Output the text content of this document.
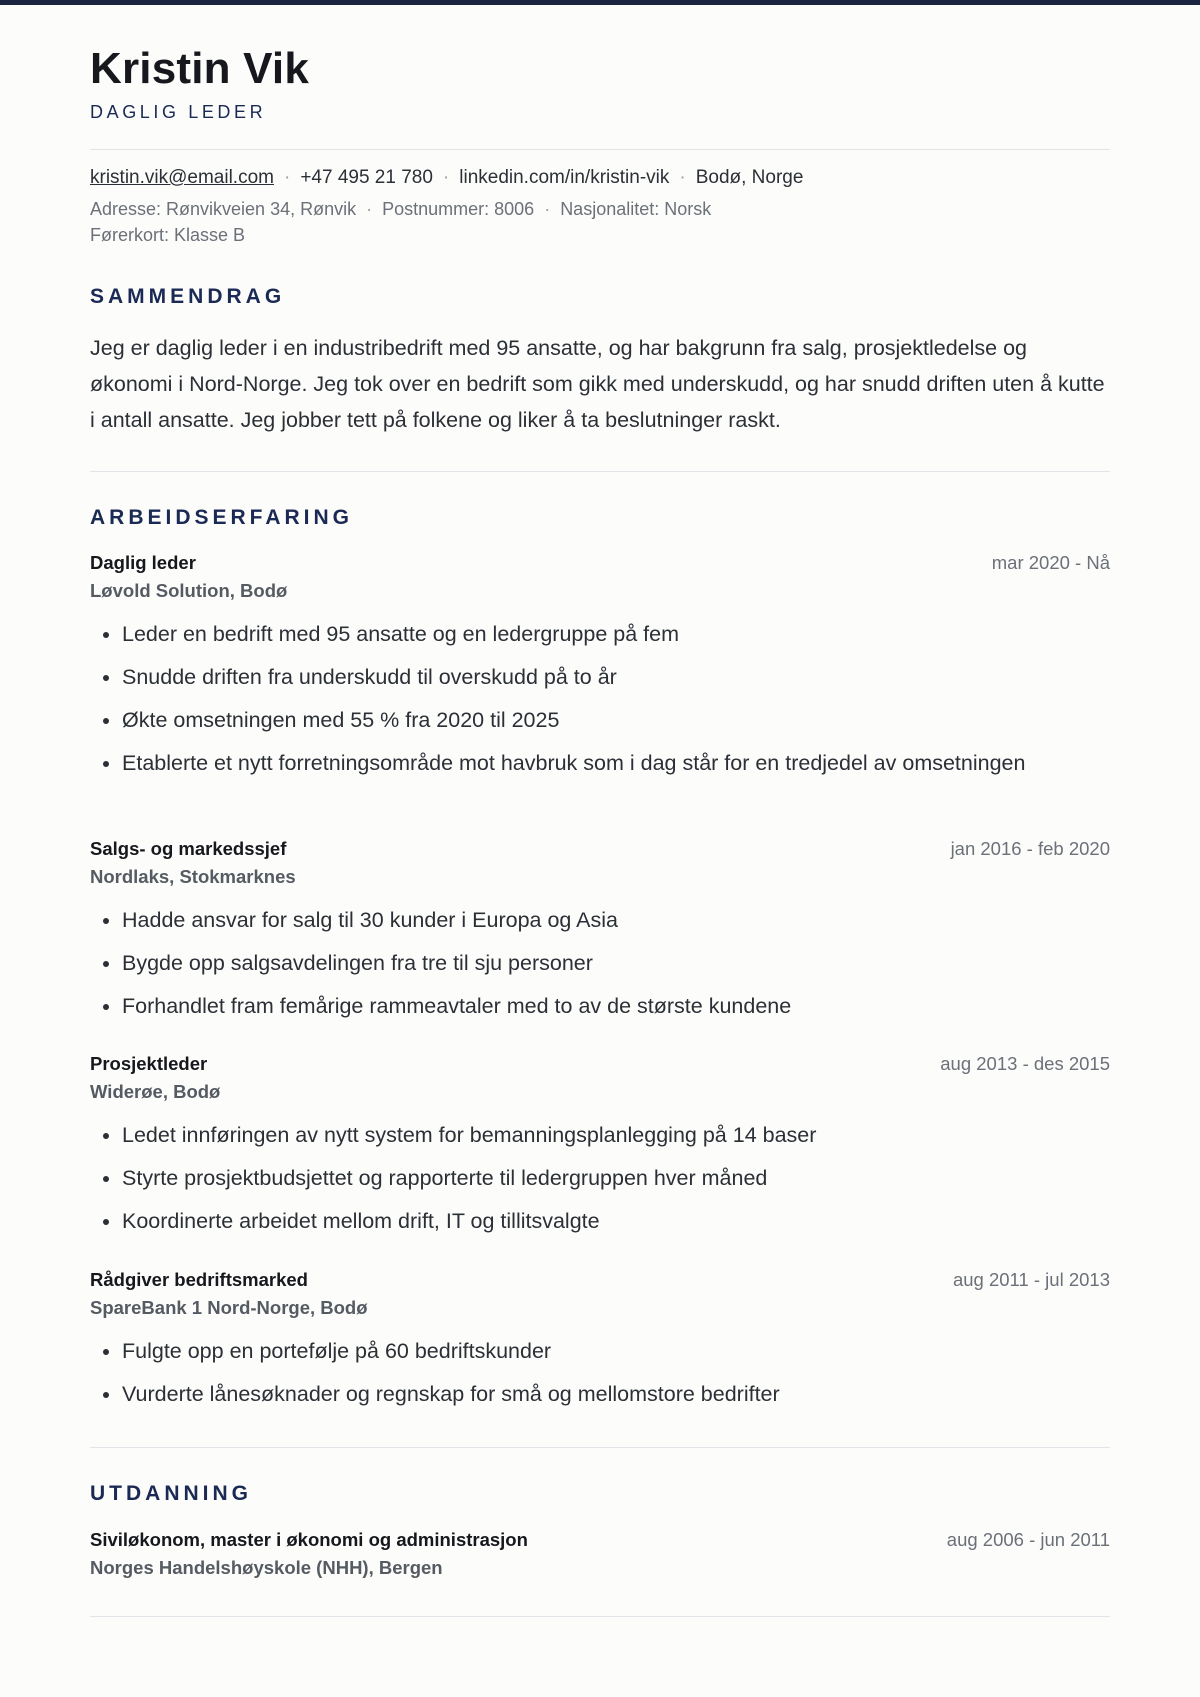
Kristin Vik
DAGLIG LEDER
kristin.vik@email.com · +47 495 21 780 · linkedin.com/in/kristin-vik · Bodø, Norge
Adresse: Rønvikveien 34, Rønvik · Postnummer: 8006 · Nasjonalitet: Norsk
Førerkort: Klasse B
SAMMENDRAG

Jeg er daglig leder i en industribedrift med 95 ansatte, og har bakgrunn fra salg, prosjektledelse og økonomi i Nord-Norge. Jeg tok over en bedrift som gikk med underskudd, og har snudd driften uten å kutte i antall ansatte. Jeg jobber tett på folkene og liker å ta beslutninger raskt.

ARBEIDSERFARING
Daglig leder	mar 2020 - Nå
Løvold Solution, Bodø
• Leder en bedrift med 95 ansatte og en ledergruppe på fem
• Snudde driften fra underskudd til overskudd på to år
• Økte omsetningen med 55 % fra 2020 til 2025
• Etablerte et nytt forretningsområde mot havbruk som i dag står for en tredjedel av omsetningen
Salgs- og markedssjef	jan 2016 - feb 2020
Nordlaks, Stokmarknes
• Hadde ansvar for salg til 30 kunder i Europa og Asia
• Bygde opp salgsavdelingen fra tre til sju personer
• Forhandlet fram femårige rammeavtaler med to av de største kundene
Prosjektleder	aug 2013 - des 2015
Widerøe, Bodø
• Ledet innføringen av nytt system for bemanningsplanlegging på 14 baser
• Styrte prosjektbudsjettet og rapporterte til ledergruppen hver måned
• Koordinerte arbeidet mellom drift, IT og tillitsvalgte
Rådgiver bedriftsmarked	aug 2011 - jul 2013
SpareBank 1 Nord-Norge, Bodø
• Fulgte opp en portefølje på 60 bedriftskunder
• Vurderte lånesøknader og regnskap for små og mellomstore bedrifter
UTDANNING
Siviløkonom, master i økonomi og administrasjon	aug 2006 - jun 2011
Norges Handelshøyskole (NHH), Bergen
